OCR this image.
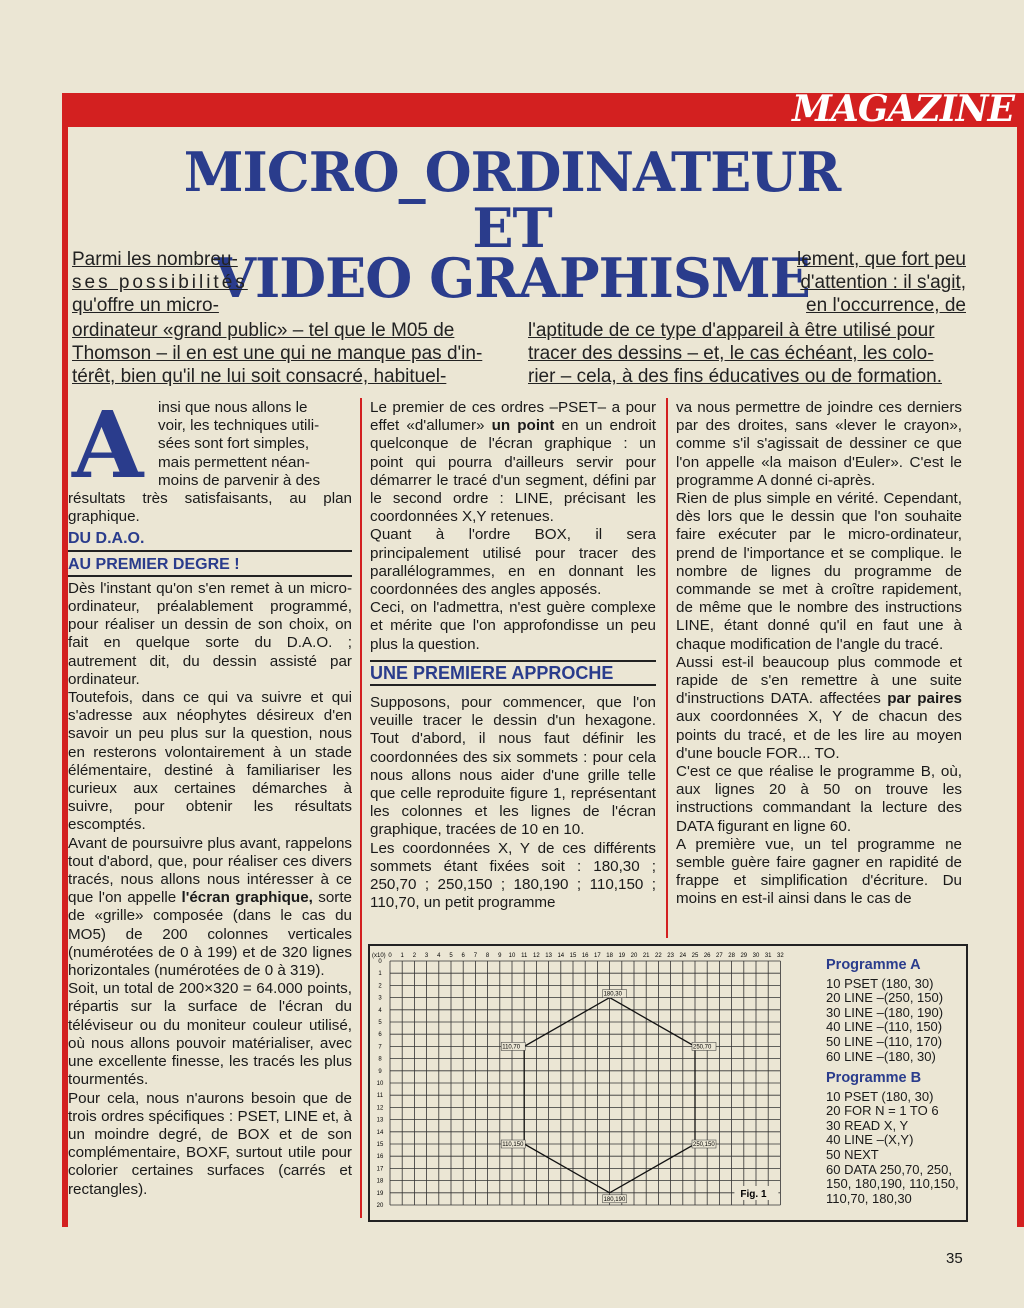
MAGAZINE
MICRO_ORDINATEUR
ET
VIDEO GRAPHISME
Parmi les nombreu-
ses possibilités
qu'offre un micro-
lement, que fort peu
d'attention : il s'agit,
en l'occurrence, de
ordinateur «grand public» – tel que le M05 de
Thomson – il en est une qui ne manque pas d'in-
térêt, bien qu'il ne lui soit consacré, habituel-
l'aptitude de ce type d'appareil à être utilisé pour
tracer des dessins – et, le cas échéant, les colo-
rier – cela, à des fins éducatives ou de formation.
A insi que nous allons le
voir, les techniques utili-
sées sont fort simples,
mais permettent néan-
moins de parvenir à des

résultats très satisfaisants, au plan graphique.

DU D.A.O.
AU PREMIER DEGRE !

Dès l'instant qu'on s'en remet à un micro-ordinateur, préalablement programmé, pour réaliser un dessin de son choix, on fait en quelque sorte du D.A.O. ; autrement dit, du dessin assisté par ordinateur.

Toutefois, dans ce qui va suivre et qui s'adresse aux néophytes désireux d'en savoir un peu plus sur la question, nous en resterons volontairement à un stade élémentaire, destiné à familiariser les curieux aux certaines démarches à suivre, pour obtenir les résultats escomptés.

Avant de poursuivre plus avant, rappelons tout d'abord, que, pour réaliser ces divers tracés, nous allons nous intéresser à ce que l'on appelle l'écran graphique, sorte de «grille» composée (dans le cas du MO5) de 200 colonnes verticales (numérotées de 0 à 199) et de 320 lignes horizontales (numérotées de 0 à 319).

Soit, un total de 200×320 = 64.000 points, répartis sur la surface de l'écran du téléviseur ou du moniteur couleur utilisé, où nous allons pouvoir matérialiser, avec une excellente finesse, les tracés les plus tourmentés.

Pour cela, nous n'aurons besoin que de trois ordres spécifiques : PSET, LINE et, à un moindre degré, de BOX et de son complémentaire, BOXF, surtout utile pour colorier certaines surfaces (carrés et rectangles).

Le premier de ces ordres –PSET– a pour effet «d'allumer» un point en un endroit quelconque de l'écran graphique : un point qui pourra d'ailleurs servir pour démarrer le tracé d'un segment, défini par le second ordre : LINE, précisant les coordonnées X,Y retenues.

Quant à l'ordre BOX, il sera principalement utilisé pour tracer des parallélogrammes, en en donnant les coordonnées des angles apposés.

Ceci, on l'admettra, n'est guère complexe et mérite que l'on approfondisse un peu plus la question.

UNE PREMIERE APPROCHE

Supposons, pour commencer, que l'on veuille tracer le dessin d'un hexagone. Tout d'abord, il nous faut définir les coordonnées des six sommets : pour cela nous allons nous aider d'une grille telle que celle reproduite figure 1, représentant les colonnes et les lignes de l'écran graphique, tracées de 10 en 10.

Les coordonnées X, Y de ces différents sommets étant fixées soit : 180,30 ; 250,70 ; 250,150 ; 180,190 ; 110,150 ; 110,70, un petit programme

va nous permettre de joindre ces derniers par des droites, sans «lever le crayon», comme s'il s'agissait de dessiner ce que l'on appelle «la maison d'Euler». C'est le programme A donné ci-après.

Rien de plus simple en vérité. Cependant, dès lors que le dessin que l'on souhaite faire exécuter par le micro-ordinateur, prend de l'importance et se complique. le nombre de lignes du programme de commande se met à croître rapidement, de même que le nombre des instructions LINE, étant donné qu'il en faut une à chaque modification de l'angle du tracé.

Aussi est-il beaucoup plus commode et rapide de s'en remettre à une suite d'instructions DATA. affectées par paires aux coordonnées X, Y de chacun des points du tracé, et de les lire au moyen d'une boucle FOR... TO.

C'est ce que réalise le programme B, où, aux lignes 20 à 50 on trouve les instructions commandant la lecture des DATA figurant en ligne 60.

A première vue, un tel programme ne semble guère faire gagner en rapidité de frappe et simplification d'écriture. Du moins en est-il ainsi dans le cas de

(x10) 0 1 2 3 4 5 6 7 8 9 10 11 12 13 14 15 16 17 18 19 20 21 22 23 24 25 26 27 28 29 30 31 32
0
1
2
3
4
5
6
7
8
9
10
11
12
13
14
15
16
17
18
19
20
180,30
250,70
250,150
180,190
110,150
110,70
Fig. 1
Programme A
10 PSET (180, 30)
20 LINE –(250, 150)
30 LINE –(180, 190)
40 LINE –(110, 150)
50 LINE –(110, 170)
60 LINE –(180, 30)
Programme B
10 PSET (180, 30)
20 FOR N = 1 TO 6
30 READ X, Y
40 LINE –(X,Y)
50 NEXT
60 DATA 250,70, 250,
150, 180,190, 110,150,
110,70, 180,30
35
